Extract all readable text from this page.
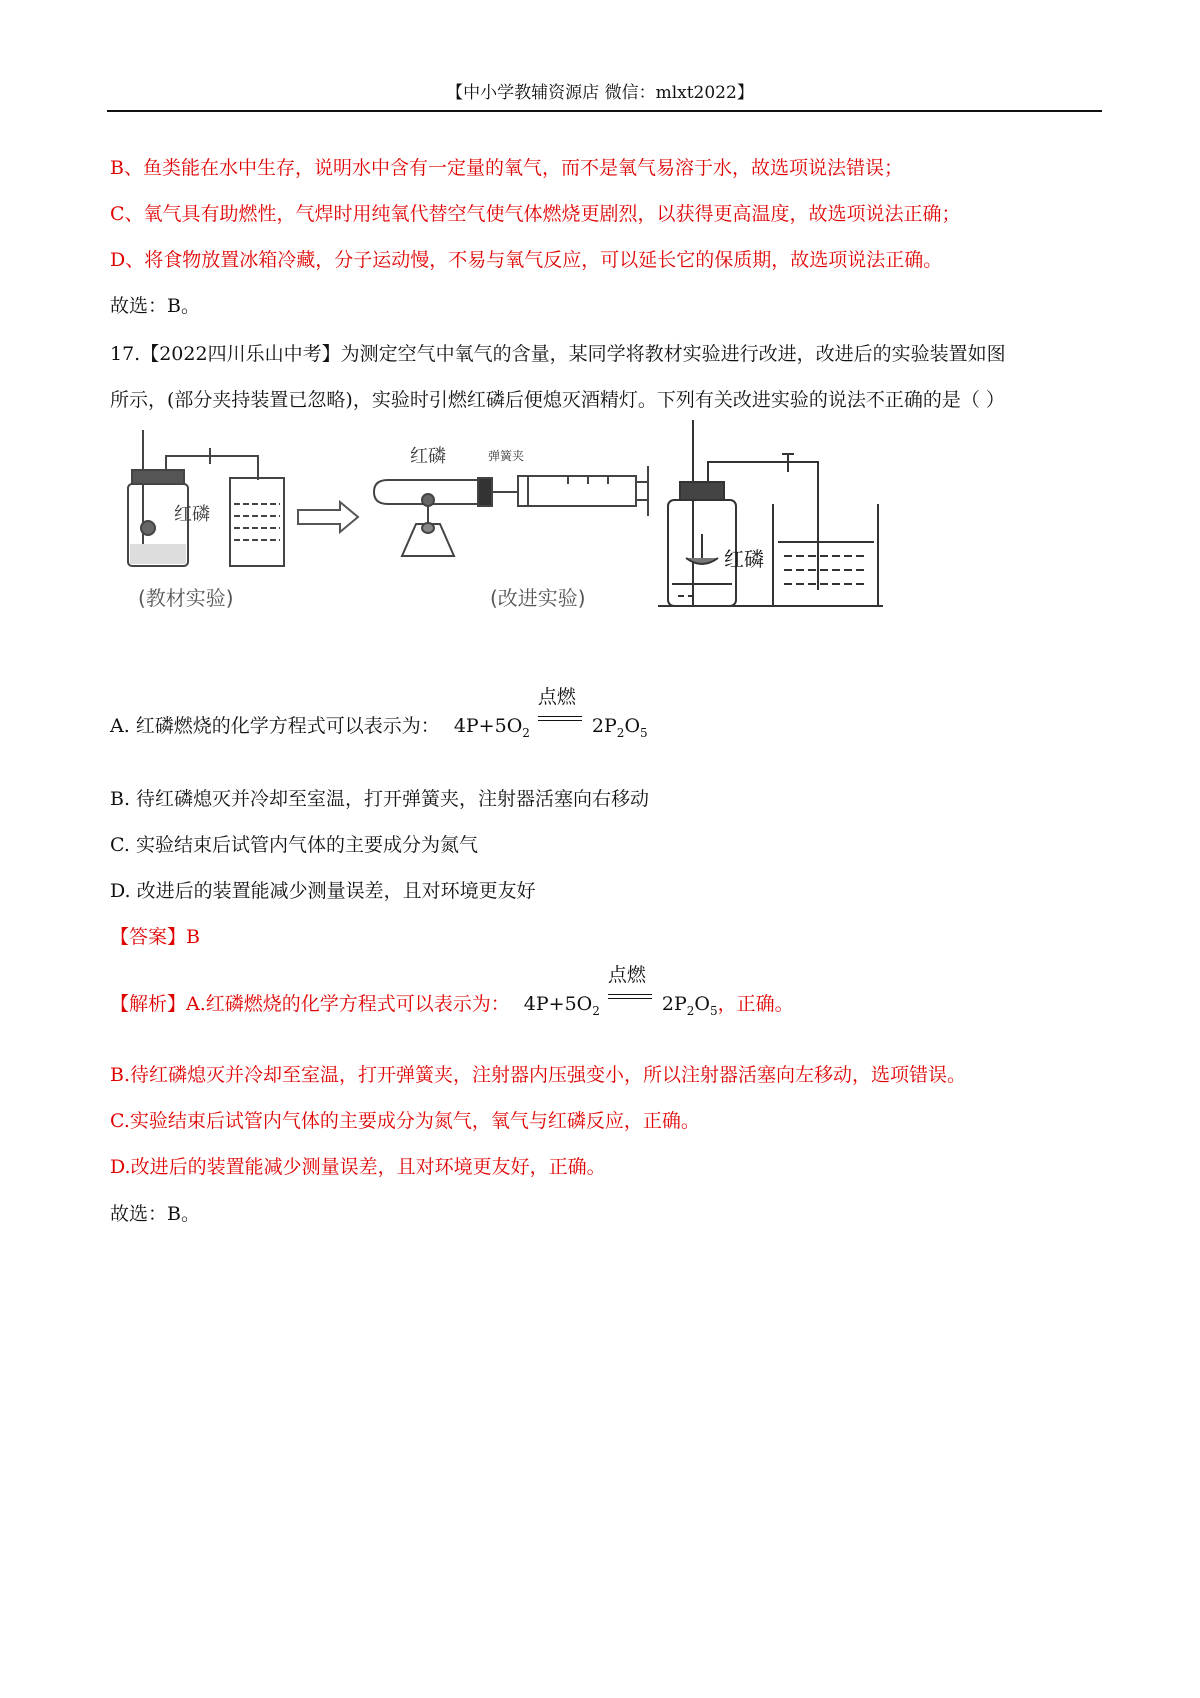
【中小学教辅资源店 微信：mlxt2022】
B、鱼类能在水中生存，说明水中含有一定量的氧气，而不是氧气易溶于水，故选项说法错误；
C、氧气具有助燃性，气焊时用纯氧代替空气使气体燃烧更剧烈，以获得更高温度，故选项说法正确；
D、将食物放置冰箱冷藏，分子运动慢，不易与氧气反应，可以延长它的保质期，故选项说法正确。
故选：B。
17.【2022四川乐山中考】为测定空气中氧气的含量，某同学将教材实验进行改进，改进后的实验装置如图
所示，(部分夹持装置已忽略)，实验时引燃红磷后便熄灭酒精灯。下列有关改进实验的说法不正确的是（ ）
红磷
(教材实验)
红磷	弹簧夹
(改进实验)
红磷
A. 红磷燃烧的化学方程式可以表示为： $4P+5O_2$
点燃
$2P_2O_5$
B. 待红磷熄灭并冷却至室温，打开弹簧夹，注射器活塞向右移动
C. 实验结束后试管内气体的主要成分为氮气
D. 改进后的装置能减少测量误差，且对环境更友好
【答案】B
【解析】A.红磷燃烧的化学方程式可以表示为： $4P+5O_2$
点燃
$2P_2O_5$，正确。
B.待红磷熄灭并冷却至室温，打开弹簧夹，注射器内压强变小，所以注射器活塞向左移动，选项错误。
C.实验结束后试管内气体的主要成分为氮气，氧气与红磷反应，正确。
D.改进后的装置能减少测量误差，且对环境更友好，正确。
故选：B。
